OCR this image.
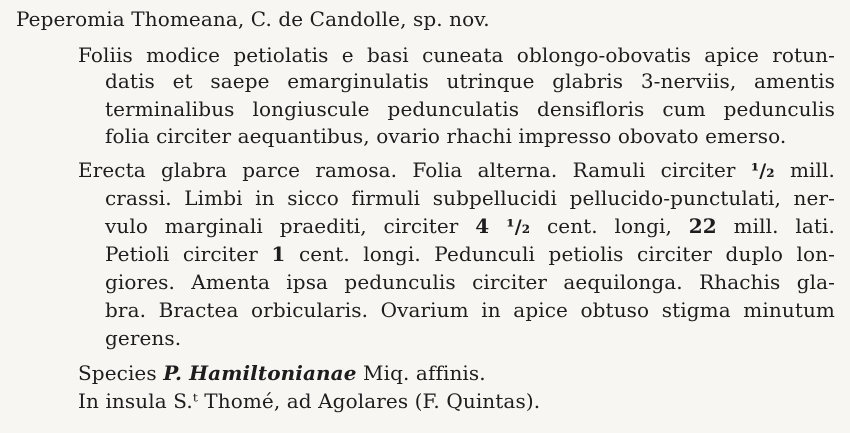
Peperomia Thomeana, C. de Candolle, sp. nov.
Foliis modice petiolatis e basi cuneata oblongo-obovatis apice rotun-
datis et saepe emarginulatis utrinque glabris 3-nerviis, amentis
terminalibus longiuscule pedunculatis densifloris cum pedunculis
folia circiter aequantibus, ovario rhachi impresso obovato emerso.
Erecta glabra parce ramosa. Folia alterna. Ramuli circiter ¹/₂ mill.
crassi. Limbi in sicco firmuli subpellucidi pellucido-punctulati, ner-
vulo marginali praediti, circiter 4 ¹/₂ cent. longi, 22 mill. lati.
Petioli circiter 1 cent. longi. Pedunculi petiolis circiter duplo lon-
giores. Amenta ipsa pedunculis circiter aequilonga. Rhachis gla-
bra. Bractea orbicularis. Ovarium in apice obtuso stigma minutum
gerens.
Species P. Hamiltonianae Miq. affinis.
In insula S.ᵗ Thomé, ad Agolares (F. Quintas).
